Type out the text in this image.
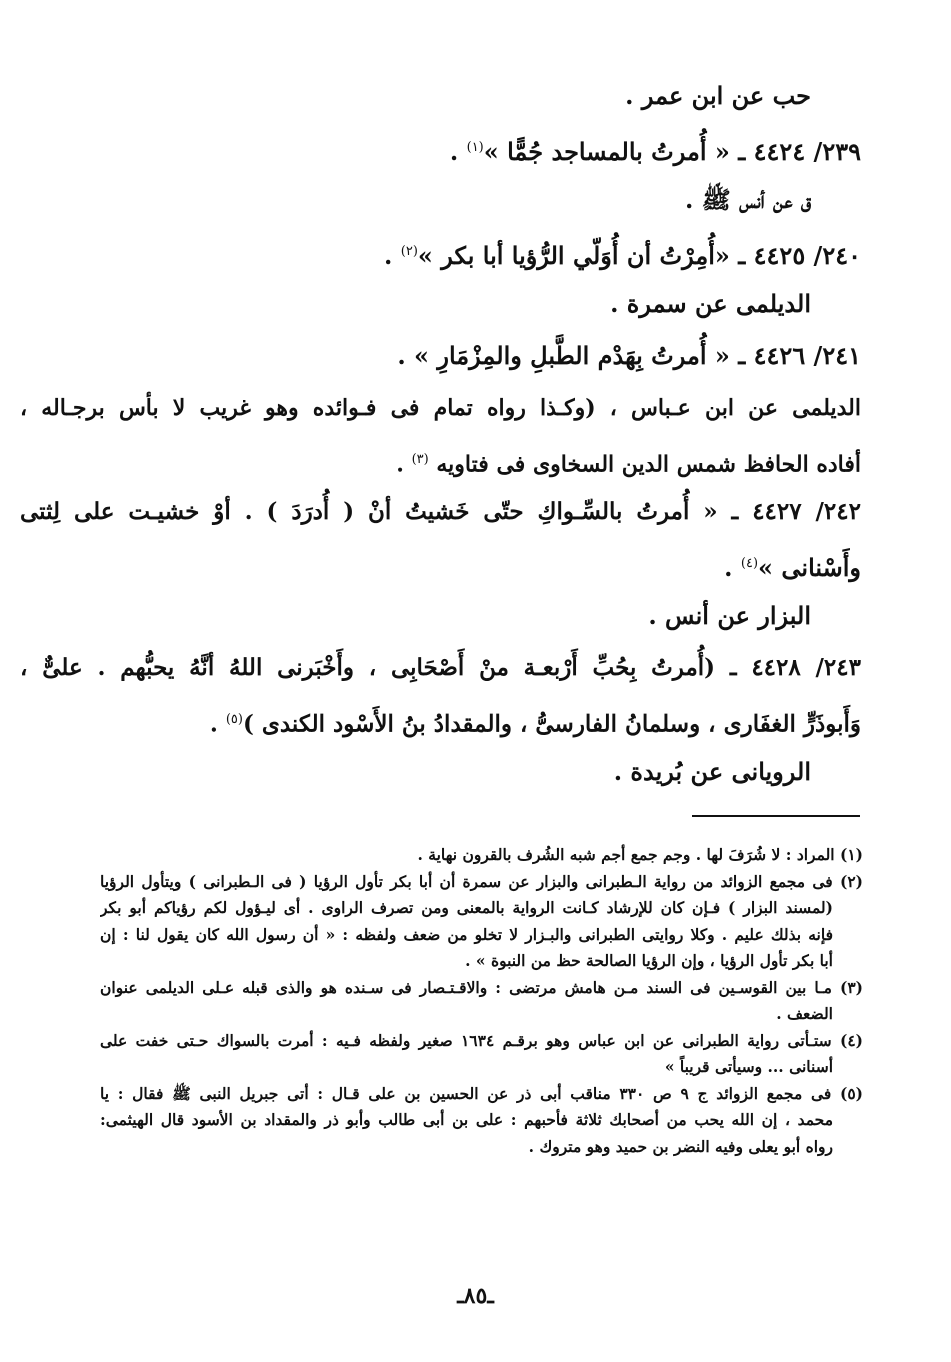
حب عن ابن عمر .
٢٣٩/ ٤٤٢٤ ـ « أُمرتُ بالمساجد جُمًّا »$^{(١)}$ .
ق عن أنس ﷺ .
٢٤٠/ ٤٤٢٥ ـ «أُمِرْتُ أن أُوَلّي الرُّؤيا أبا بكر »$^{(٢)}$ .
الديلمى عن سمرة .
٢٤١/ ٤٤٢٦ ـ « أُمرتُ بِهَدْم الطَّبلِ والمِزْمَارِ » .
الديلمى عن ابن عـباس ، (وكـذا رواه تمام فى فـوائده وهو غريب لا بأس برجـاله ،
أفاده الحافظ شمس الدين السخاوى فى فتاويه $^{(٣)}$ .
٢٤٢/ ٤٤٢٧ ـ « أُمرتُ بالسِّـواكِ حتّى خَشيتُ أنْ ( أُدرَدَ ) . أوْ خشيـت على لِثتى
وأَسْنانى »$^{(٤)}$ .
البزار عن أنس .
٢٤٣/ ٤٤٢٨ ـ (أُمرتُ بِحُبِّ أَرْبعـة منْ أَصْحَابِى ، وأَخْبَرنى اللهُ أنَّهُ يحبُّهم . علىٌّ ،
وَأَبوذَرٍّ الغفَارى ، وسلمانُ الفارسىُّ ، والمقدادُ بنُ الأَسْود الكندى )$^{(٥)}$ .
الرويانى عن بُريدة .
(١) المراد : لا شُرَفَ لها . وجم جمع أجم شبه الشُرف بالقرون نهاية .
(٢) فى مجمع الزوائد من رواية الـطبرانى والبزار عن سمرة أن أبا بكر تأول الرؤيا ( فى الـطبرانى ) ويتأول الرؤيا
(لمسند البزار ) فـإن كان للإرشاد كـانت الرواية بالمعنى ومن تصرف الراوى . أى ليـؤول لكم رؤياكم أبو بكر
فإنه بذلك عليم . وكلا روايتى الطبرانى والبـزار لا تخلو من ضعف ولفظه : « أن رسول الله كان يقول لنا : إن
أبا بكر تأول الرؤيا ، وإن الرؤيا الصالحة حظ من النبوة » .
(٣) مـا بين القوسـين فى السند مـن هامش مرتضى : والاقـتـصار فى سـنده هو والذى قبله عـلى الديلمى عنوان
الضعف .
(٤) ستـأتى رواية الطبرانى عن ابن عباس وهو برقـم ١٦٣٤ صغير ولفظه فـيه : أمرت بالسواك حـتى خفت على
أسنانى ... وسيأتى قريباً »
(٥) فى مجمع الزوائد ج ٩ ص ٣٣٠ مناقب أبى ذر عن الحسين بن على قـال : أتى جبريل النبى ﷺ فقال : يا
محمد ، إن الله يحب من أصحابك ثلاثة فأحبهم : على بن أبى طالب وأبو ذر والمقداد بن الأسود قال الهيثمى:
رواه أبو يعلى وفيه النضر بن حميد وهو متروك .
ـ٨٥ـ
